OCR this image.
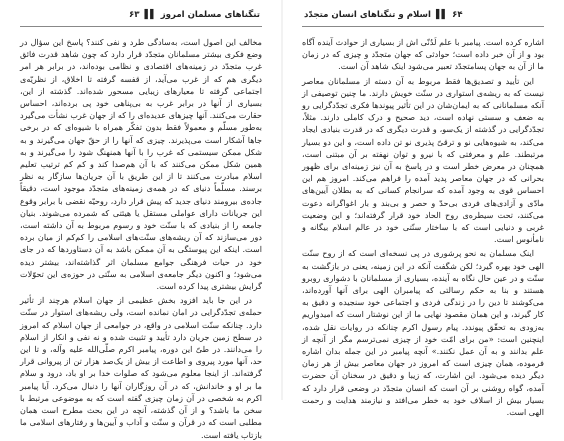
تنگناهای مسلمان امروز
▌▌
۶۳

مخالف این اصول است، به‌سادگی طرد و نفی کنند؟ پاسخ این سؤال در وضع فکری بیشتر مسلمانان متجدّد قرار دارد که چون شاهد قدرت فائق غرب متجدّد در زمینه‌های اقتصادی و نظامی بوده‌اند، در برابر هر امر دیگری هم که از غرب می‌آید، از قفسه گرفته تا اخلاق، از نظریّه‌ی اجتماعی گرفته تا معیارهای زیبایی مسحور شده‌اند. گذشته از این، بسیاری از آنها در برابر غرب به بی‌پناهی خود پی برده‌اند، احساس حقارت می‌کنند. آنها چیزهای عدیده‌ای را که از جهان غرب نشأت می‌گیرد به‌طور مسلّم و معمولاً فقط بدون تفکّر همراه با شیوه‌ای که در برخی جاها آشکار است می‌پذیرند. چیزی که آنها را از حقّ جهان می‌گیرند و به شکل ممکن سیستمی که غرب را با آنها همنهنگ شود را می‌گیرند و به همین شکل ممکن می‌کنند که با آن هم‌صدا کند و کم کم ترتیب تعلیم اسلام مبادرت می‌کنند تا از این طریق با آن جریان‌ها سازگار به نظر برسند. مسلّماً دنیای که در همه‌ی زمینه‌های متجدّد موجود است، دقیقاً جاده‌ی بیرومند دنیای جدید که پیش قرار دارد، روحیّه نقضی با برابر وقوع این جریانات دارای عواملی مستقل یا هیئتی که شمرده می‌شوند. بنیان جامعه را از بنیادی که با سنّت خود و رسوم مربوط به آن داشته است، دور می‌سازند که آن ریشه‌های سنّت‌های اسلامی را کم‌کم از میان برده است. اینکه این پیوستگی به آن ممکن باشد به آن دستاوردها که در جای خود در حیات فرهنگی جوامع مسلمان اثر گذاشته‌اند، بیشتر دیده می‌شود؛ و اکنون دیگر جامعه‌ی اسلامی به سنّتی در حوزه‌ی این تحوّلات گرایش بیشتری پیدا کرده است.

در این جا باید افزود بخش عظیمی از جهان اسلام هرچند از تأثیر حمله‌ی تجدّدگرایی در امان نمانده است، ولی ریشه‌های استوار در سنّت دارد. چنانکه سنّت اسلامی در واقع، در جوامعی از جهان اسلام که امروز در سطح زمین جریان دارد تأیید و تثبیت شده و نه نفی و انکار از اسلام را می‌دانند. در طیّ این دوره، پیامبر اکرم صلّی‌الله علیه وآله، و تا این حد، آنها مورد پیروی و اطاعت از بیش از یک‌صد هزار تن از پیروانی قرار گرفته‌اند. از اینجا معلوم می‌شود که صلوات خدا بر او باد، درود و سلام ما بر او و خاندانش، که در آن روزگاران آنها را دنبال می‌کرد. آیا پیامبر اکرم به شخصی در آن زمان چیزی گفته است که به موضوعی مرتبط با سخن ما باشد؟ و از آن گذشته، آنچه در این بحث مطرح است همان مطلبی است که در قرآن و سنّت و آداب و آیین‌ها و رفتارهای اسلامی ما بازتاب یافته است.

۶۴
▌▌
اسلام و تنگناهای انسان متجدّد

اشاره کرده است. پیامبر با علم لَدُنّی اش از بسیاری از حوادث آینده آگاه بود و از آن خبر داده است؛ حوادثی که جهان متجدّد و چیزی که در زمان ما از آن به جهان پسامتجدّد تعبیر می‌شود اینک شاهد آن است.

این تأیید و تصدیق‌ها فقط مربوط به آن دسته از مسلمانان معاصر نیست که به ریشه‌ی استواری در سنّت خویش دارند. ما چنین توصیفی از آنکه مسلمانانی که به ایمان‌شان در این تأثیر پیوندها فکری تجدّدگرایی رو به ضعف و سستی نهاده است، دید صحیح و درک کاملی دارند. مثلاً، تجدّدگرایی در گذشته از یک‌سو، و قدرت دیگری که در قدرت بنیادی ایجاد می‌کند، به شیوه‌هایی نو و ترقیّ پذیری نو تن داده است، و این دو بسیار مرتبطند. علم و معرفتی که با نیرو و توان نهفته بر آن مبتنی است، همچنان در معرض خطر است و در پاسخ به آن نیز زمینه‌ای برای ظهور بحرانی که در جهان معاصر پدید آمده را فراهم می‌کند. امروز هم این احساس قوی به وجود آمده که سرانجام کسانی که به بطلان آیین‌های مادّی و آزادی‌های فردی بی‌حدّ و حصر و بی‌بند و بار اغواگرانه دعوت می‌کنند، تحت سیطره‌ی روح الحاد خود قرار گرفته‌اند؛ و این وضعیت غربی و دنیایی است که با ساختار سنّتی خود در عالم اسلام بیگانه و نامأنوس است.

اینک مسلمان به نحو پرشوری در پی نسخه‌ای است که از روح سنّت الهی خود بهره گیرد؛ لکن شگفت آنکه در این زمینه، یعنی در بازگشت به سنّت و در عین حال نگاه به آینده، بسیاری از مسلمانان با دشواری روبرو هستند و بنا به حکم رسالتی که پیامبران الهی برای آنها آورده‌اند، می‌کوشند تا دین را در زندگی فردی و اجتماعی خود سنجیده و دقیق به کار گیرند، و این همان مقصود نهایی ما از این نوشتار است که امیدواریم به‌زودی به تحقّق پیوندد. پیام رسول اکرم چنانکه در روایات نقل شده، اینچنین است: «من برای امّت خود از چیزی نمی‌ترسم مگر از آنچه از علم بدانند و به آن عمل نکنند.» آنچه پیامبر در این جمله بدان اشاره فرموده، همان چیزی است که امروز در جهان معاصر بیش از هر زمان دیگر دیده می‌شود. این اشارت، که زیبا و دقیق در سخنان آن حضرت آمده، گواه روشنی بر آن است که انسان متجدّد در وضعی قرار دارد که بسیار بیش از اسلاف خود به خطر می‌افتد و نیازمند هدایت و رحمت الهی است.
